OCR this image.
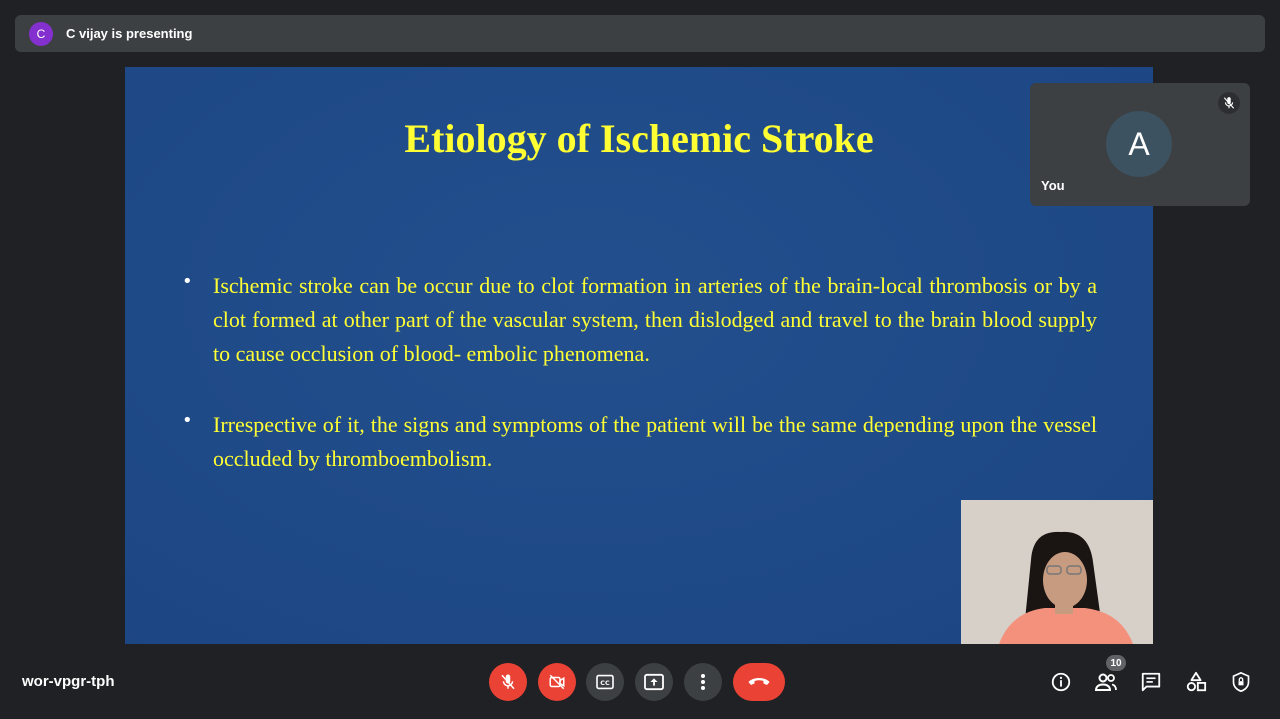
C	C vijay is presenting
Etiology of Ischemic Stroke
• Ischemic stroke can be occur due to clot formation in arteries of the brain-local thrombosis or by a clot formed at other part of the vascular system, then dislodged and travel to the brain blood supply to cause occlusion of blood- embolic phenomena.
• Irrespective of it, the signs and symptoms of the patient will be the same depending upon the vessel occluded by thromboembolism.
A
You
wor-vpgr-tph	CC
10
